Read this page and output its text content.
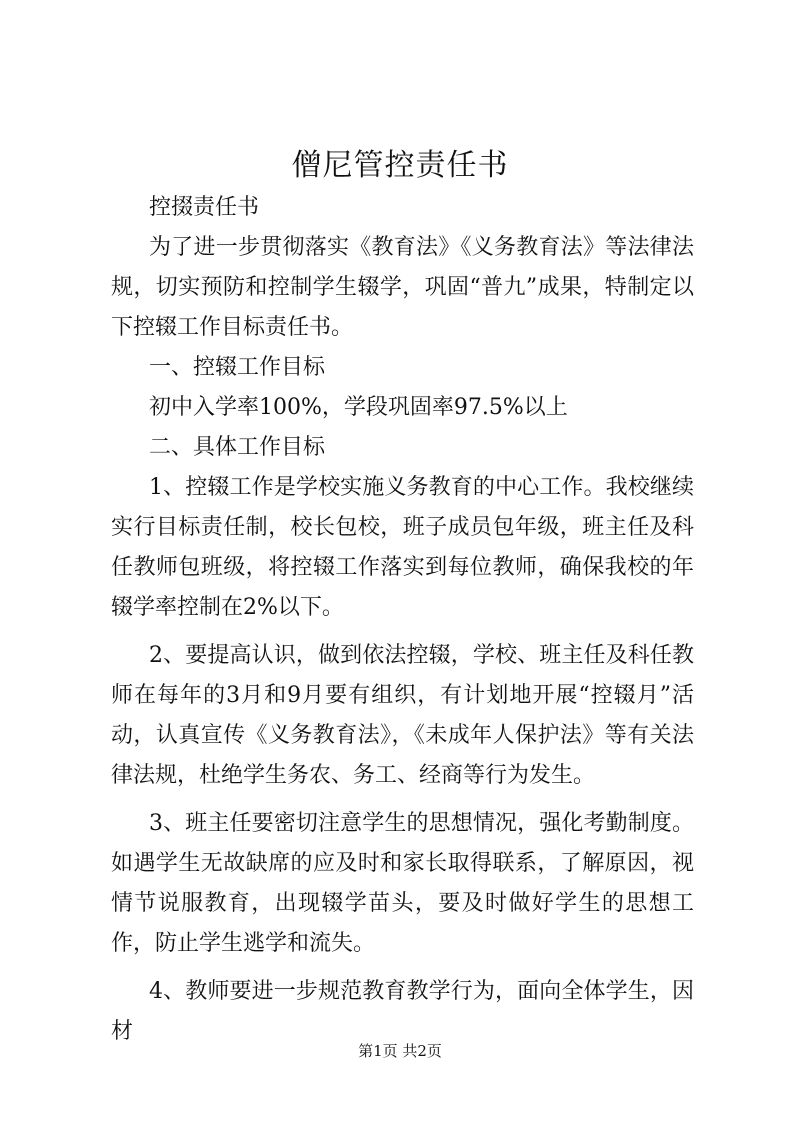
僧尼管控责任书

控掇责任书

为了进一步贯彻落实《教育法》《义务教育法》等法律法规，切实预防和控制学生辍学，巩固“普九”成果，特制定以下控辍工作目标责任书。

一、控辍工作目标

初中入学率100%，学段巩固率97.5%以上

二、具体工作目标

1、控辍工作是学校实施义务教育的中心工作。我校继续实行目标责任制，校长包校，班子成员包年级，班主任及科任教师包班级，将控辍工作落实到每位教师，确保我校的年辍学率控制在2%以下。

2、要提高认识，做到依法控辍，学校、班主任及科任教师在每年的3月和9月要有组织，有计划地开展“控辍月”活动，认真宣传《义务教育法》，《未成年人保护法》等有关法律法规，杜绝学生务农、务工、经商等行为发生。

3、班主任要密切注意学生的思想情况，强化考勤制度。如遇学生无故缺席的应及时和家长取得联系，了解原因，视情节说服教育，出现辍学苗头，要及时做好学生的思想工作，防止学生逃学和流失。

4、教师要进一步规范教育教学行为，面向全体学生，因材

第1页 共2页
